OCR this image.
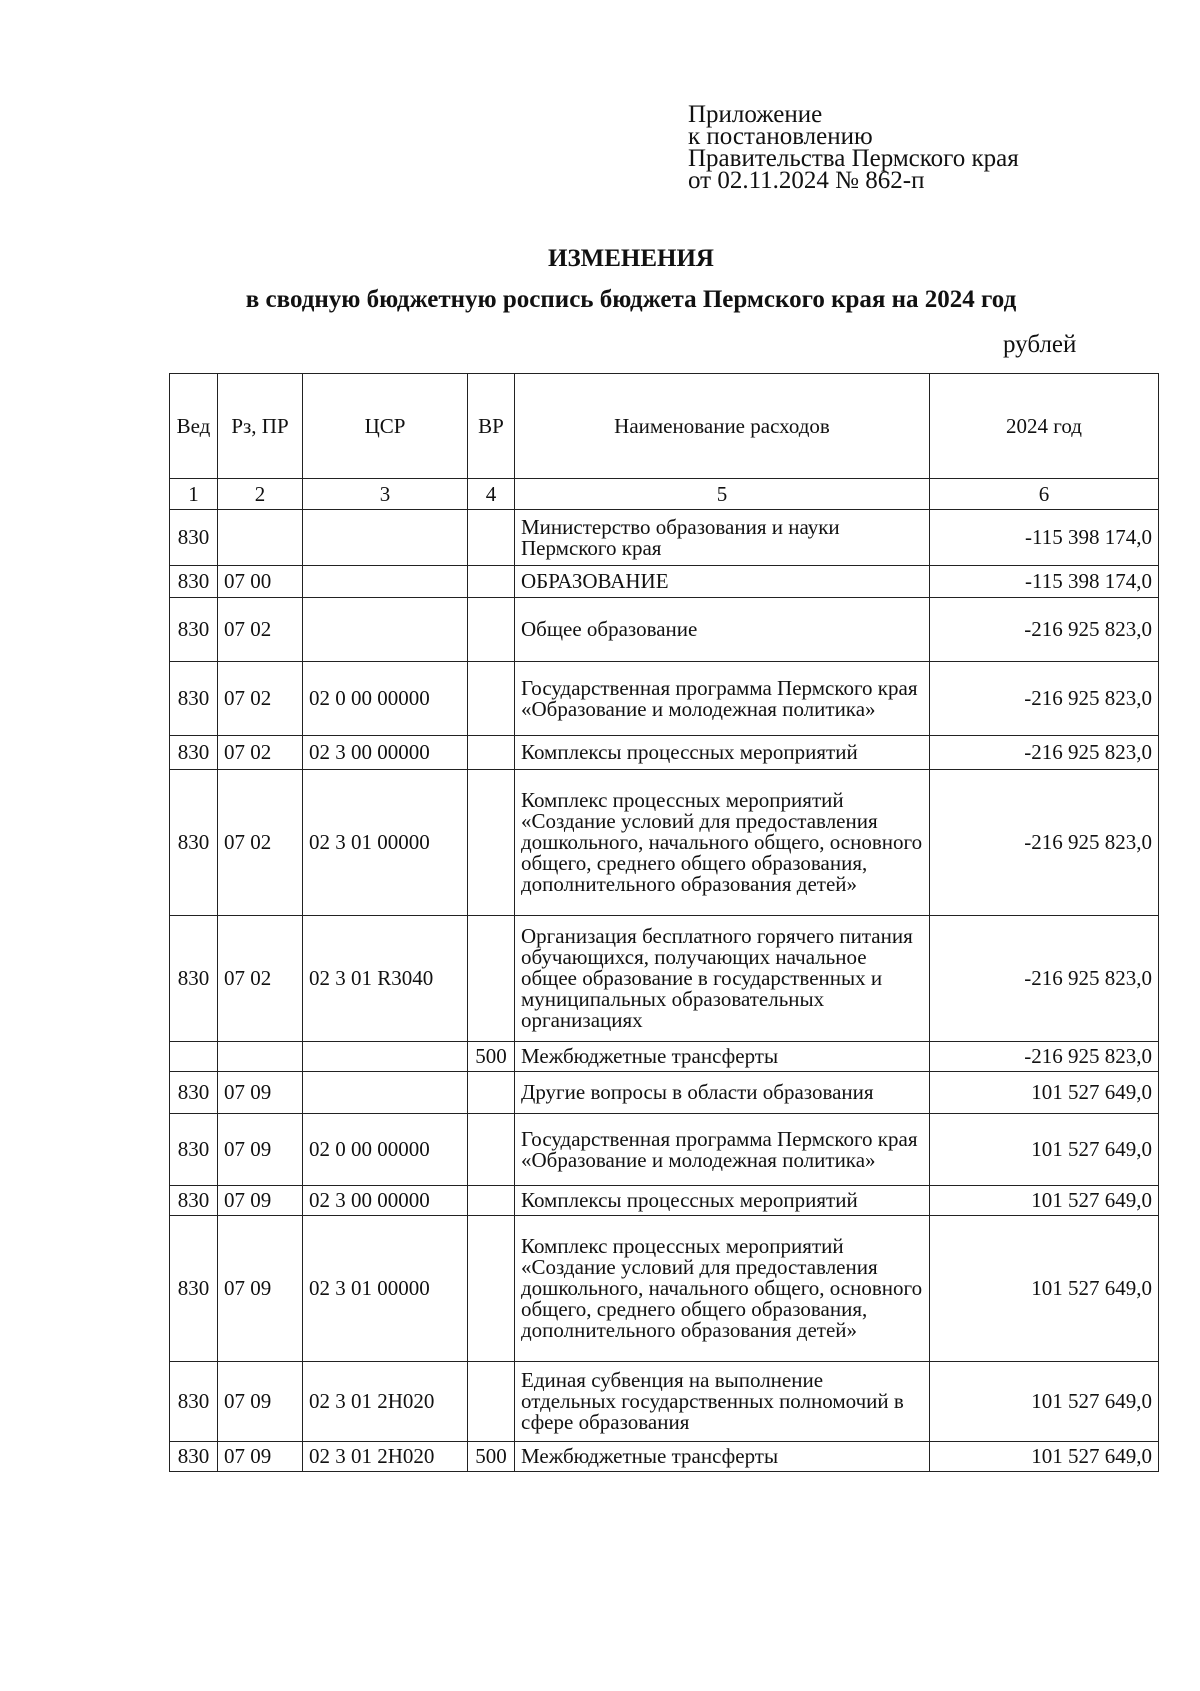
Приложение
к постановлению
Правительства Пермского края
от 02.11.2024 № 862-п
ИЗМЕНЕНИЯ
в сводную бюджетную роспись бюджета Пермского края на 2024 год
рублей
Вед	Рз, ПР	ЦСР	ВР	Наименование расходов	2024 год
1	2	3	4	5	6
830				Министерство образования и науки Пермского края	-115 398 174,0
830	07 00			ОБРАЗОВАНИЕ	-115 398 174,0
830	07 02			Общее образование	-216 925 823,0
830	07 02	02 0 00 00000		Государственная программа Пермского края «Образование и молодежная политика»	-216 925 823,0
830	07 02	02 3 00 00000		Комплексы процессных мероприятий	-216 925 823,0
830	07 02	02 3 01 00000		Комплекс процессных мероприятий «Создание условий для предоставления дошкольного, начального общего, основного общего, среднего общего образования, дополнительного образования детей»	-216 925 823,0
830	07 02	02 3 01 R3040		Организация бесплатного горячего питания обучающихся, получающих начальное общее образование в государственных и муниципальных образовательных организациях	-216 925 823,0
			500	Межбюджетные трансферты	-216 925 823,0
830	07 09			Другие вопросы в области образования	101 527 649,0
830	07 09	02 0 00 00000		Государственная программа Пермского края «Образование и молодежная политика»	101 527 649,0
830	07 09	02 3 00 00000		Комплексы процессных мероприятий	101 527 649,0
830	07 09	02 3 01 00000		Комплекс процессных мероприятий «Создание условий для предоставления дошкольного, начального общего, основного общего, среднего общего образования, дополнительного образования детей»	101 527 649,0
830	07 09	02 3 01 2Н020		Единая субвенция на выполнение отдельных государственных полномочий в сфере образования	101 527 649,0
830	07 09	02 3 01 2Н020	500	Межбюджетные трансферты	101 527 649,0
